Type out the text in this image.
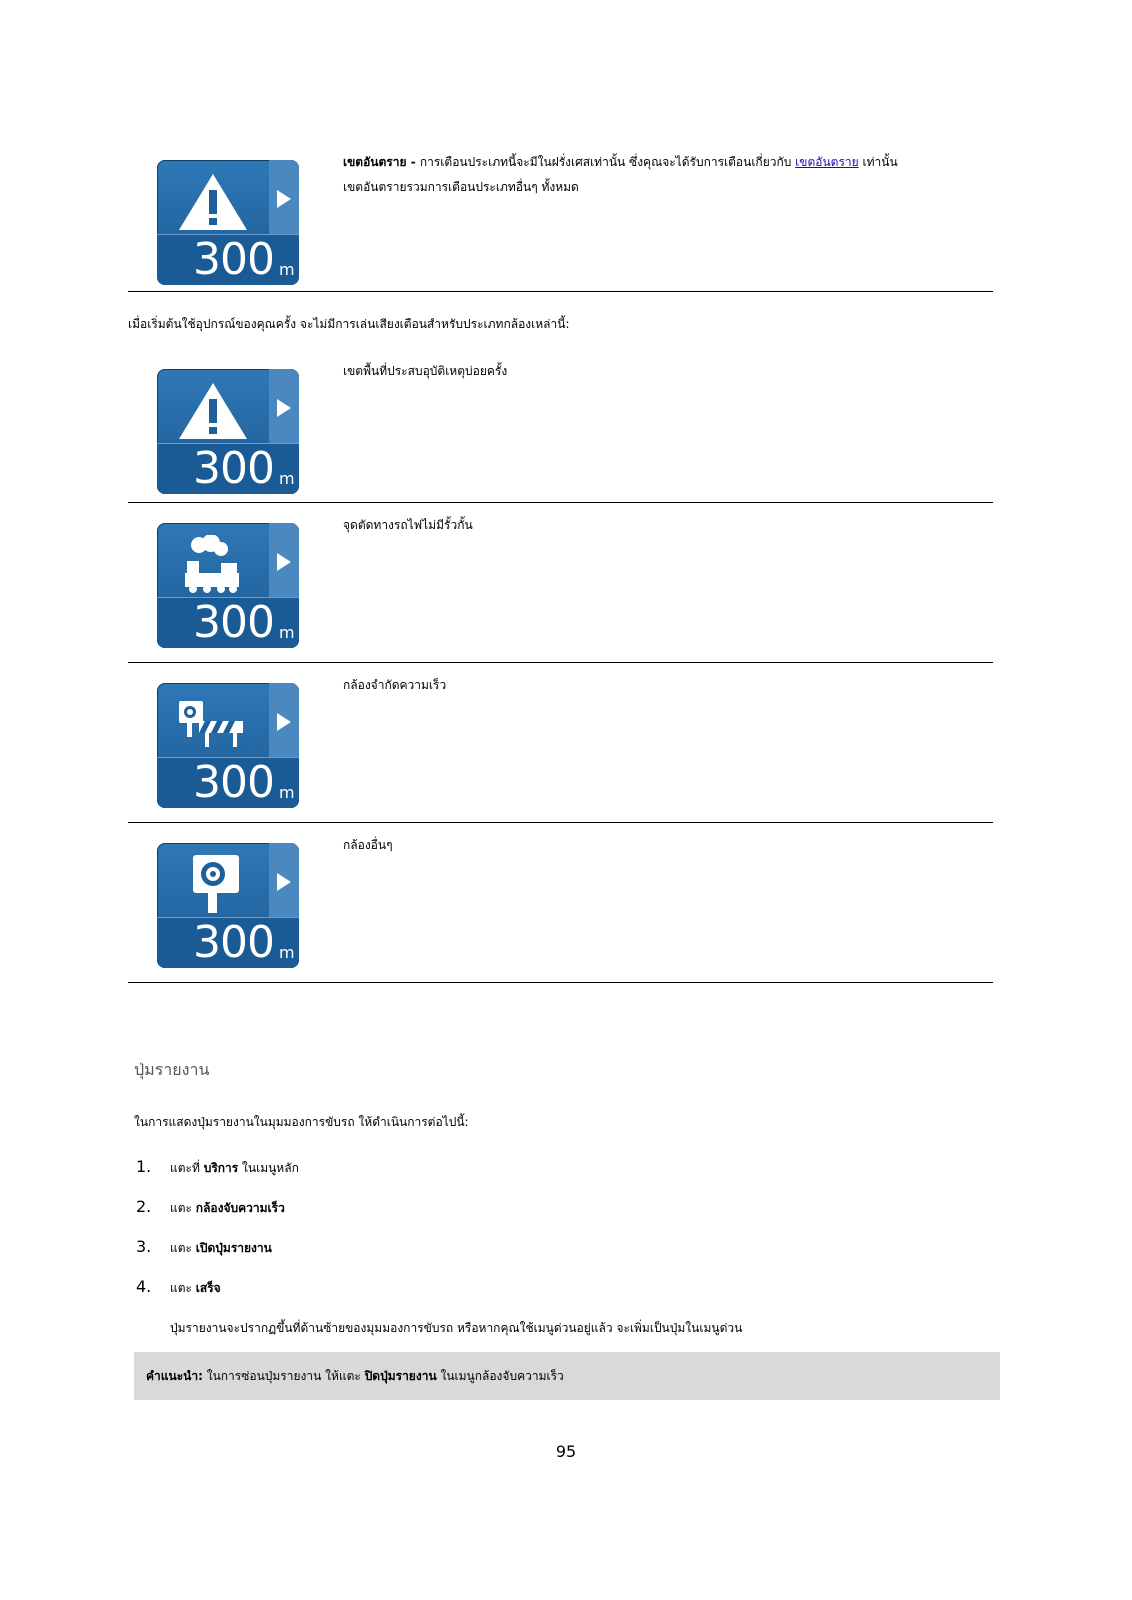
300 m
เขตอันตราย - การเตือนประเภทนี้จะมีในฝรั่งเศสเท่านั้น ซึ่งคุณจะได้รับการเตือนเกี่ยวกับ เขตอันตราย เท่านั้น
เขตอันตรายรวมการเตือนประเภทอื่นๆ ทั้งหมด
เมื่อเริ่มต้นใช้อุปกรณ์ของคุณครั้ง จะไม่มีการเล่นเสียงเตือนสำหรับประเภทกล้องเหล่านี้:
300 m
เขตพื้นที่ประสบอุบัติเหตุบ่อยครั้ง
300 m
จุดตัดทางรถไฟไม่มีรั้วกั้น
300 m
กล้องจำกัดความเร็ว
300 m
กล้องอื่นๆ
ปุ่มรายงาน
ในการแสดงปุ่มรายงานในมุมมองการขับรถ ให้ดำเนินการต่อไปนี้:
1. แตะที่ บริการ ในเมนูหลัก
2. แตะ กล้องจับความเร็ว
3. แตะ เปิดปุ่มรายงาน
4. แตะ เสร็จ
ปุ่มรายงานจะปรากฏขึ้นที่ด้านซ้ายของมุมมองการขับรถ หรือหากคุณใช้เมนูด่วนอยู่แล้ว จะเพิ่มเป็นปุ่มในเมนูด่วน
คำแนะนำ: ในการซ่อนปุ่มรายงาน ให้แตะ ปิดปุ่มรายงาน ในเมนูกล้องจับความเร็ว
95
